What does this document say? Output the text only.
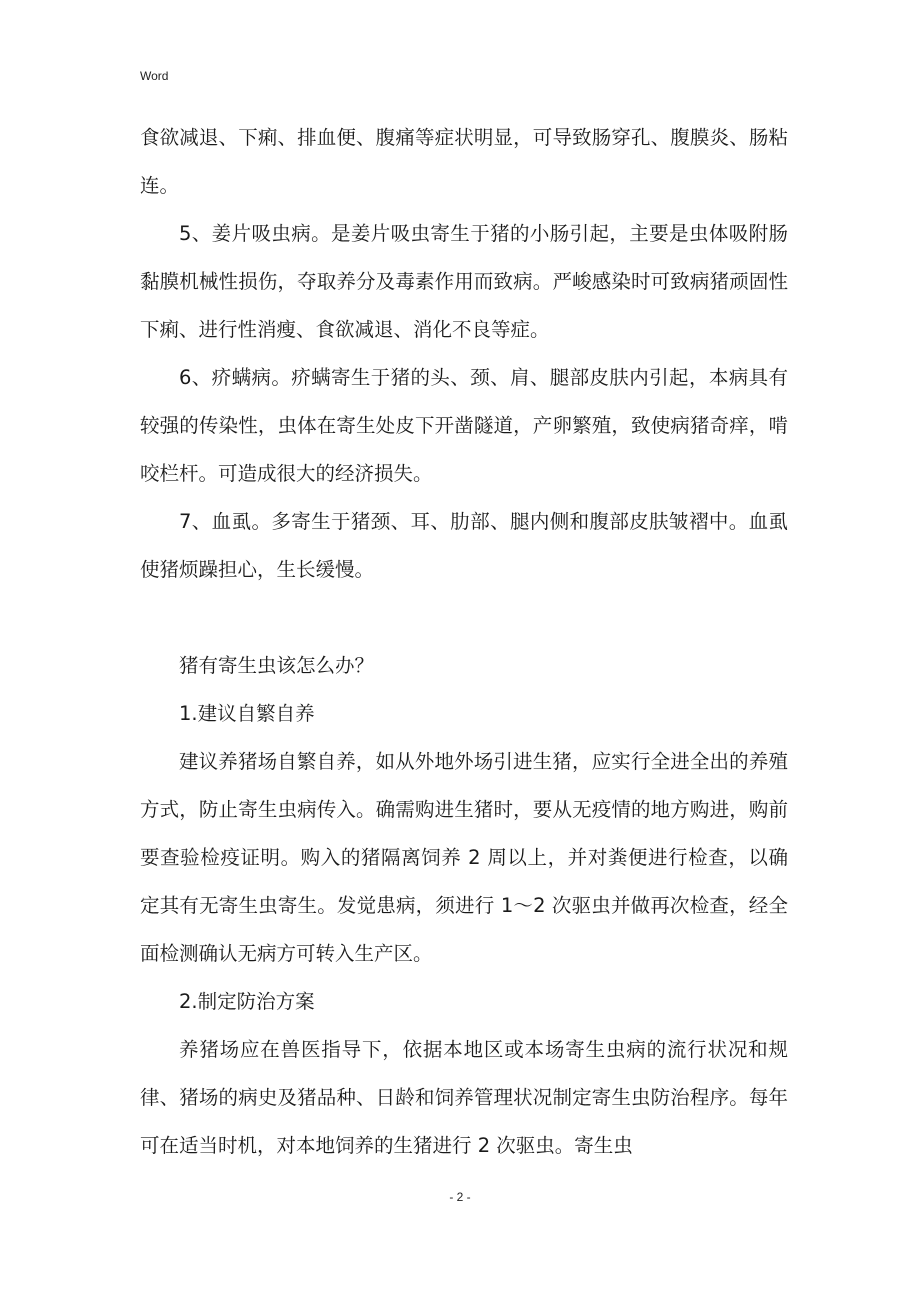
Word

食欲减退、下痢、排血便、腹痛等症状明显，可导致肠穿孔、腹膜炎、肠粘连。

5、姜片吸虫病。是姜片吸虫寄生于猪的小肠引起，主要是虫体吸附肠黏膜机械性损伤，夺取养分及毒素作用而致病。严峻感染时可致病猪顽固性下痢、进行性消瘦、食欲减退、消化不良等症。

6、疥螨病。疥螨寄生于猪的头、颈、肩、腿部皮肤内引起，本病具有较强的传染性，虫体在寄生处皮下开凿隧道，产卵繁殖，致使病猪奇痒，啃咬栏杆。可造成很大的经济损失。

7、血虱。多寄生于猪颈、耳、肋部、腿内侧和腹部皮肤皱褶中。血虱使猪烦躁担心，生长缓慢。

猪有寄生虫该怎么办？

1.建议自繁自养

建议养猪场自繁自养，如从外地外场引进生猪，应实行全进全出的养殖方式，防止寄生虫病传入。确需购进生猪时，要从无疫情的地方购进，购前要查验检疫证明。购入的猪隔离饲养 2 周以上，并对粪便进行检查，以确定其有无寄生虫寄生。发觉患病，须进行 1～2 次驱虫并做再次检查，经全面检测确认无病方可转入生产区。

2.制定防治方案

养猪场应在兽医指导下，依据本地区或本场寄生虫病的流行状况和规律、猪场的病史及猪品种、日龄和饲养管理状况制定寄生虫防治程序。每年可在适当时机，对本地饲养的生猪进行 2 次驱虫。寄生虫

- 2 -
